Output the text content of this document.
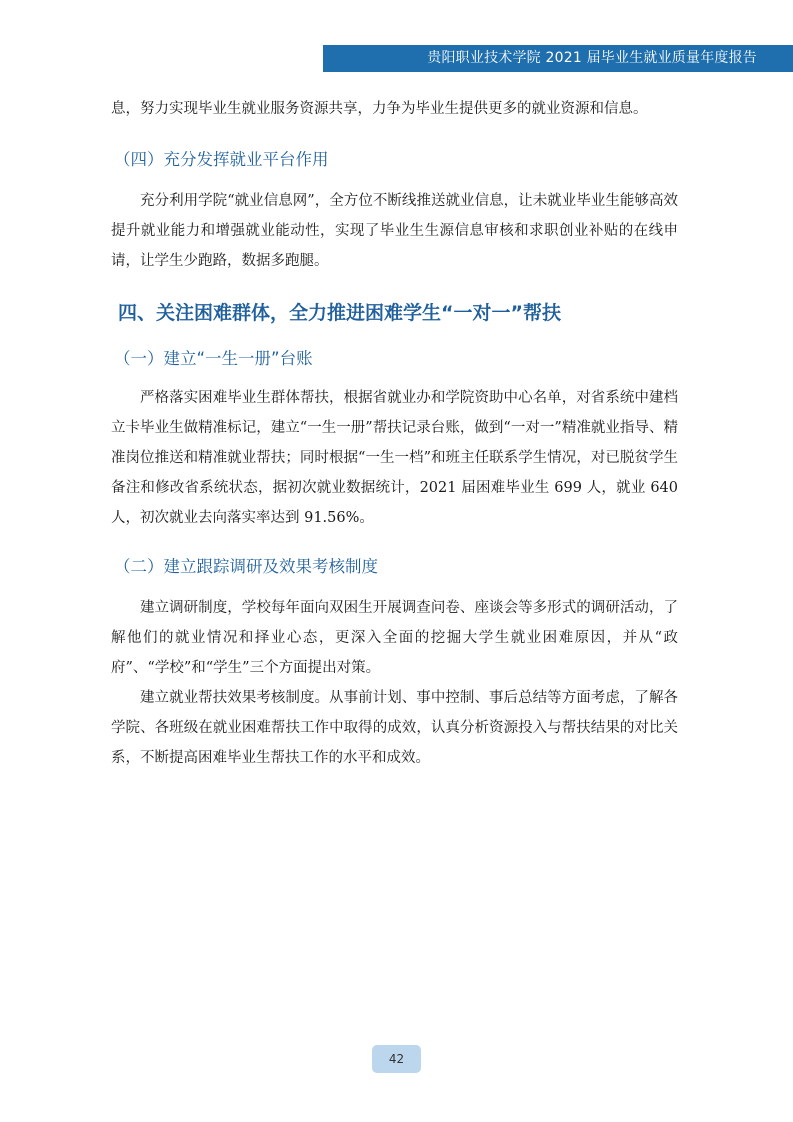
贵阳职业技术学院 2021 届毕业生就业质量年度报告

息，努力实现毕业生就业服务资源共享，力争为毕业生提供更多的就业资源和信息。

（四）充分发挥就业平台作用

充分利用学院“就业信息网”，全方位不断线推送就业信息，让未就业毕业生能够高效提升就业能力和增强就业能动性，实现了毕业生生源信息审核和求职创业补贴的在线申请，让学生少跑路，数据多跑腿。

四、关注困难群体，全力推进困难学生“一对一”帮扶
（一）建立“一生一册”台账

严格落实困难毕业生群体帮扶，根据省就业办和学院资助中心名单，对省系统中建档立卡毕业生做精准标记，建立“一生一册”帮扶记录台账，做到“一对一”精准就业指导、精准岗位推送和精准就业帮扶；同时根据“一生一档”和班主任联系学生情况，对已脱贫学生备注和修改省系统状态，据初次就业数据统计，2021 届困难毕业生 699 人，就业 640 人，初次就业去向落实率达到 91.56%。

（二）建立跟踪调研及效果考核制度

建立调研制度，学校每年面向双困生开展调查问卷、座谈会等多形式的调研活动，了解他们的就业情况和择业心态，更深入全面的挖掘大学生就业困难原因，并从“政府”、“学校”和“学生”三个方面提出对策。

建立就业帮扶效果考核制度。从事前计划、事中控制、事后总结等方面考虑，了解各学院、各班级在就业困难帮扶工作中取得的成效，认真分析资源投入与帮扶结果的对比关系，不断提高困难毕业生帮扶工作的水平和成效。

42
